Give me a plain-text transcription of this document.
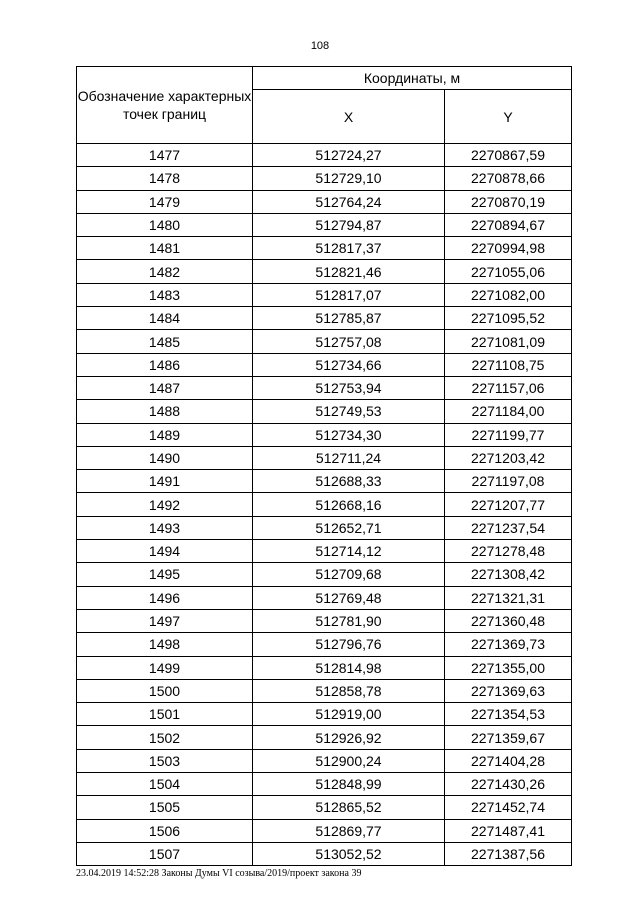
108
Обозначение характерных точек границ	Координаты, м	
	X	Y
1477	512724,27	2270867,59
1478	512729,10	2270878,66
1479	512764,24	2270870,19
1480	512794,87	2270894,67
1481	512817,37	2270994,98
1482	512821,46	2271055,06
1483	512817,07	2271082,00
1484	512785,87	2271095,52
1485	512757,08	2271081,09
1486	512734,66	2271108,75
1487	512753,94	2271157,06
1488	512749,53	2271184,00
1489	512734,30	2271199,77
1490	512711,24	2271203,42
1491	512688,33	2271197,08
1492	512668,16	2271207,77
1493	512652,71	2271237,54
1494	512714,12	2271278,48
1495	512709,68	2271308,42
1496	512769,48	2271321,31
1497	512781,90	2271360,48
1498	512796,76	2271369,73
1499	512814,98	2271355,00
1500	512858,78	2271369,63
1501	512919,00	2271354,53
1502	512926,92	2271359,67
1503	512900,24	2271404,28
1504	512848,99	2271430,26
1505	512865,52	2271452,74
1506	512869,77	2271487,41
1507	513052,52	2271387,56
23.04.2019 14:52:28 Законы Думы VI созыва/2019/проект закона 39
